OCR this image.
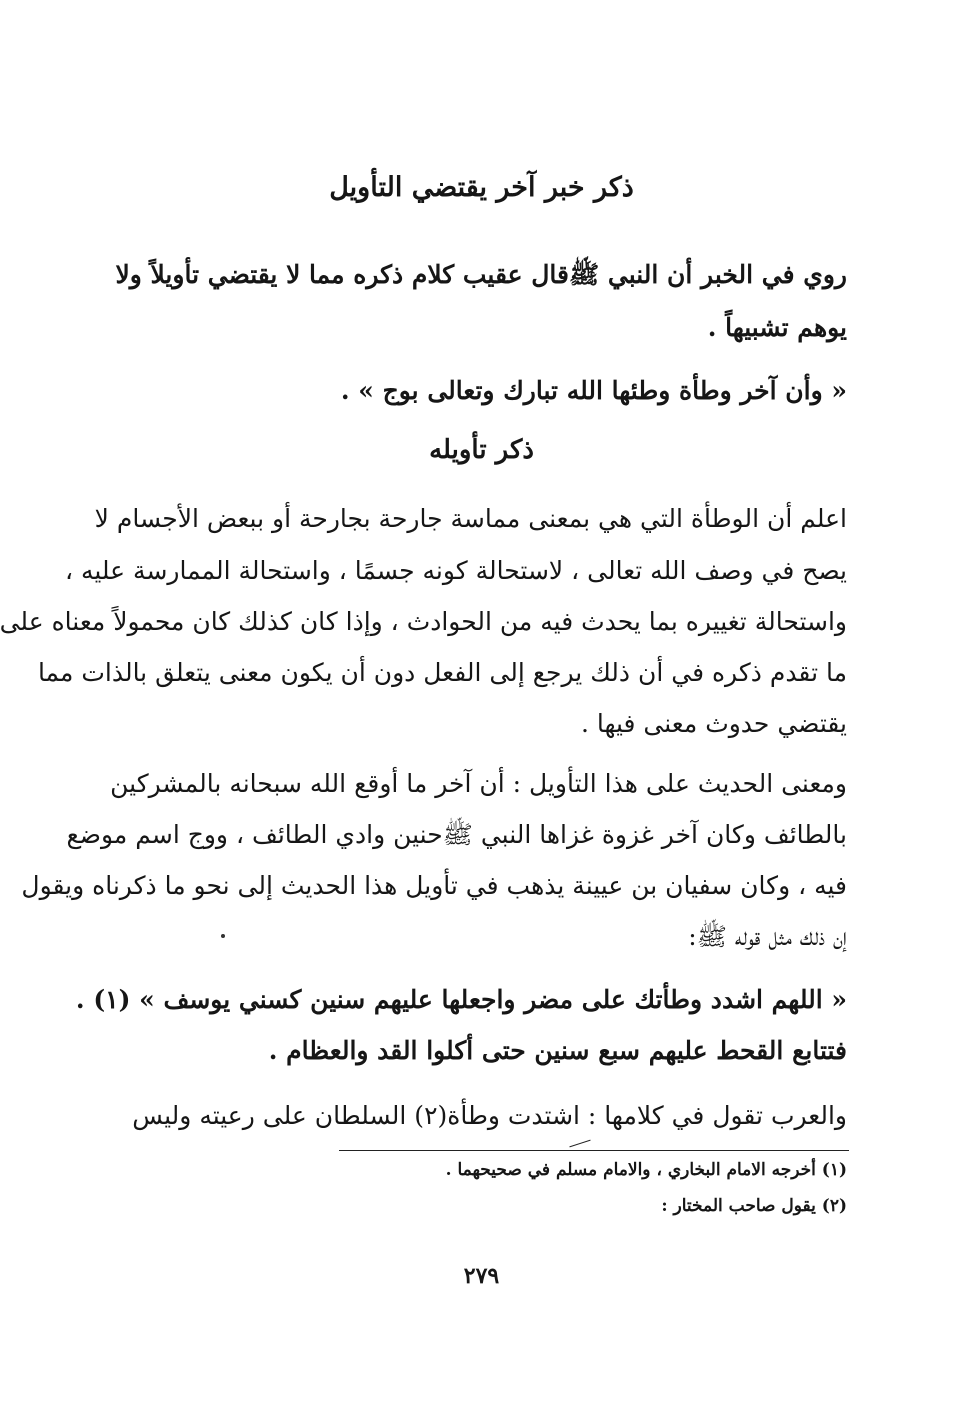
ذكر خبر آخر يقتضي التأويل
روي في الخبر أن النبي ﷺقال عقيب كلام ذكره مما لا يقتضي تأويلاً ولا
يوهم تشبيهاً .
« وأن آخر وطأة وطئها الله تبارك وتعالى بوج » .
ذكر تأويله
اعلم أن الوطأة التي هي بمعنى مماسة جارحة بجارحة أو ببعض الأجسام لا
يصح في وصف الله تعالى ، لاستحالة كونه جسمًا ، واستحالة الممارسة عليه ،
واستحالة تغييره بما يحدث فيه من الحوادث ، وإذا كان كذلك كان محمولاً معناه على
ما تقدم ذكره في أن ذلك يرجع إلى الفعل دون أن يكون معنى يتعلق بالذات مما
يقتضي حدوث معنى فيها .
ومعنى الحديث على هذا التأويل : أن آخر ما أوقع الله سبحانه بالمشركين
بالطائف وكان آخر غزوة غزاها النبي ﷺحنين وادي الطائف ، ووج اسم موضع
فيه ، وكان سفيان بن عيينة يذهب في تأويل هذا الحديث إلى نحو ما ذكرناه ويقول
إن ذلك مثل قوله ﷺ:
« اللهم اشدد وطأتك على مضر واجعلها عليهم سنين كسني يوسف » (١) .
فتتابع القحط عليهم سبع سنين حتى أكلوا القد والعظام .
والعرب تقول في كلامها : اشتدت وطأة(٢) السلطان على رعيته وليس
(١) أخرجه الامام البخاري ، والامام مسلم في صحيحهما .
(٢) يقول صاحب المختار :
٢٧٩
